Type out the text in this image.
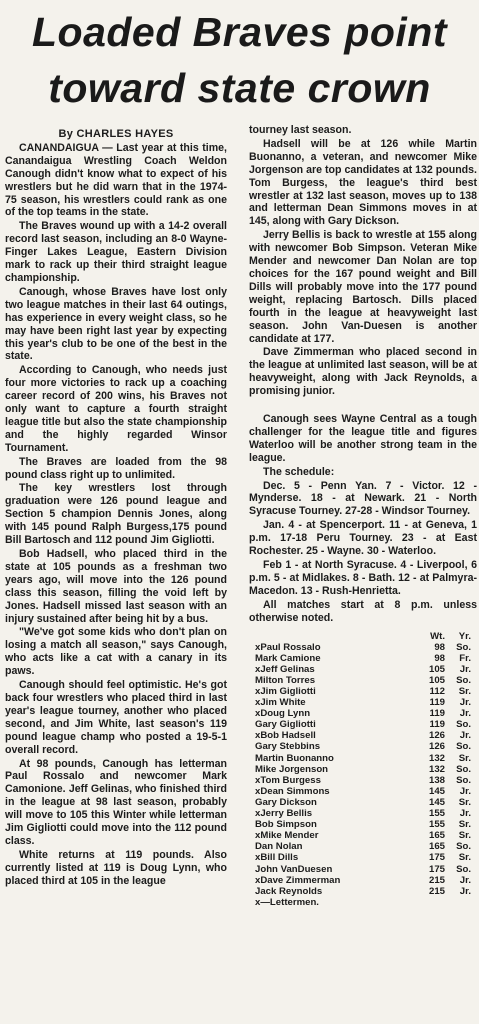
Loaded Braves point
toward state crown
By CHARLES HAYES

CANANDAIGUA — Last year at this time, Canandaigua Wrestling Coach Weldon Canough didn't know what to expect of his wrestlers but he did warn that in the 1974-75 season, his wrestlers could rank as one of the top teams in the state.

The Braves wound up with a 14-2 overall record last season, including an 8-0 Wayne-Finger Lakes League, Eastern Division mark to rack up their third straight league championship.

Canough, whose Braves have lost only two league matches in their last 64 outings, has experience in every weight class, so he may have been right last year by expecting this year's club to be one of the best in the state.

According to Canough, who needs just four more victories to rack up a coaching career record of 200 wins, his Braves not only want to capture a fourth straight league title but also the state championship and the highly regarded Winsor Tournament.

The Braves are loaded from the 98 pound class right up to unlimited.

The key wrestlers lost through graduation were 126 pound league and Section 5 champion Dennis Jones, along with 145 pound Ralph Burgess,175 pound Bill Bartosch and 112 pound Jim Gigliotti.

Bob Hadsell, who placed third in the state at 105 pounds as a freshman two years ago, will move into the 126 pound class this season, filling the void left by Jones. Hadsell missed last season with an injury sustained after being hit by a bus.

"We've got some kids who don't plan on losing a match all season," says Canough, who acts like a cat with a canary in its paws.

Canough should feel optimistic. He's got back four wrestlers who placed third in last year's league tourney, another who placed second, and Jim White, last season's 119 pound league champ who posted a 19-5-1 overall record.

At 98 pounds, Canough has letterman Paul Rossalo and newcomer Mark Camonione. Jeff Gelinas, who finished third in the league at 98 last season, probably will move to 105 this Winter while letterman Jim Gigliotti could move into the 112 pound class.

White returns at 119 pounds. Also currently listed at 119 is Doug Lynn, who placed third at 105 in the league

tourney last season.

Hadsell will be at 126 while Martin Buonanno, a veteran, and newcomer Mike Jorgenson are top candidates at 132 pounds. Tom Burgess, the league's third best wrestler at 132 last season, moves up to 138 and letterman Dean Simmons moves in at 145, along with Gary Dickson.

Jerry Bellis is back to wrestle at 155 along with newcomer Bob Simpson. Veteran Mike Mender and newcomer Dan Nolan are top choices for the 167 pound weight and Bill Dills will probably move into the 177 pound weight, replacing Bartosch. Dills placed fourth in the league at heavyweight last season. John Van-Duesen is another candidate at 177.

Dave Zimmerman who placed second in the league at unlimited last season, will be at heavyweight, along with Jack Reynolds, a promising junior.

Canough sees Wayne Central as a tough challenger for the league title and figures Waterloo will be another strong team in the league.

The schedule:

Dec. 5 - Penn Yan. 7 - Victor. 12 - Mynderse. 18 - at Newark. 21 - North Syracuse Tourney. 27-28 - Windsor Tourney.

Jan. 4 - at Spencerport. 11 - at Geneva, 1 p.m. 17-18 Peru Tourney. 23 - at East Rochester. 25 - Wayne. 30 - Waterloo.

Feb 1 - at North Syracuse. 4 - Liverpool, 6 p.m. 5 - at Midlakes. 8 - Bath. 12 - at Palmyra-Macedon. 13 - Rush-Henrietta.

All matches start at 8 p.m. unless otherwise noted.

	Wt.	Yr.
xPaul Rossalo	98	So.
Mark Camione	98	Fr.
xJeff Gelinas	105	Jr.
Milton Torres	105	So.
xJim Gigliotti	112	Sr.
xJim White	119	Jr.
xDoug Lynn	119	Jr.
Gary Gigliotti	119	So.
xBob Hadsell	126	Jr.
Gary Stebbins	126	So.
Martin Buonanno	132	Sr.
Mike Jorgenson	132	So.
xTom Burgess	138	So.
xDean Simmons	145	Jr.
Gary Dickson	145	Sr.
xJerry Bellis	155	Jr.
Bob Simpson	155	Sr.
xMike Mender	165	Sr.
Dan Nolan	165	So.
xBill Dills	175	Sr.
John VanDuesen	175	So.
xDave Zimmerman	215	Jr.
Jack Reynolds	215	Jr.
x—Lettermen.
